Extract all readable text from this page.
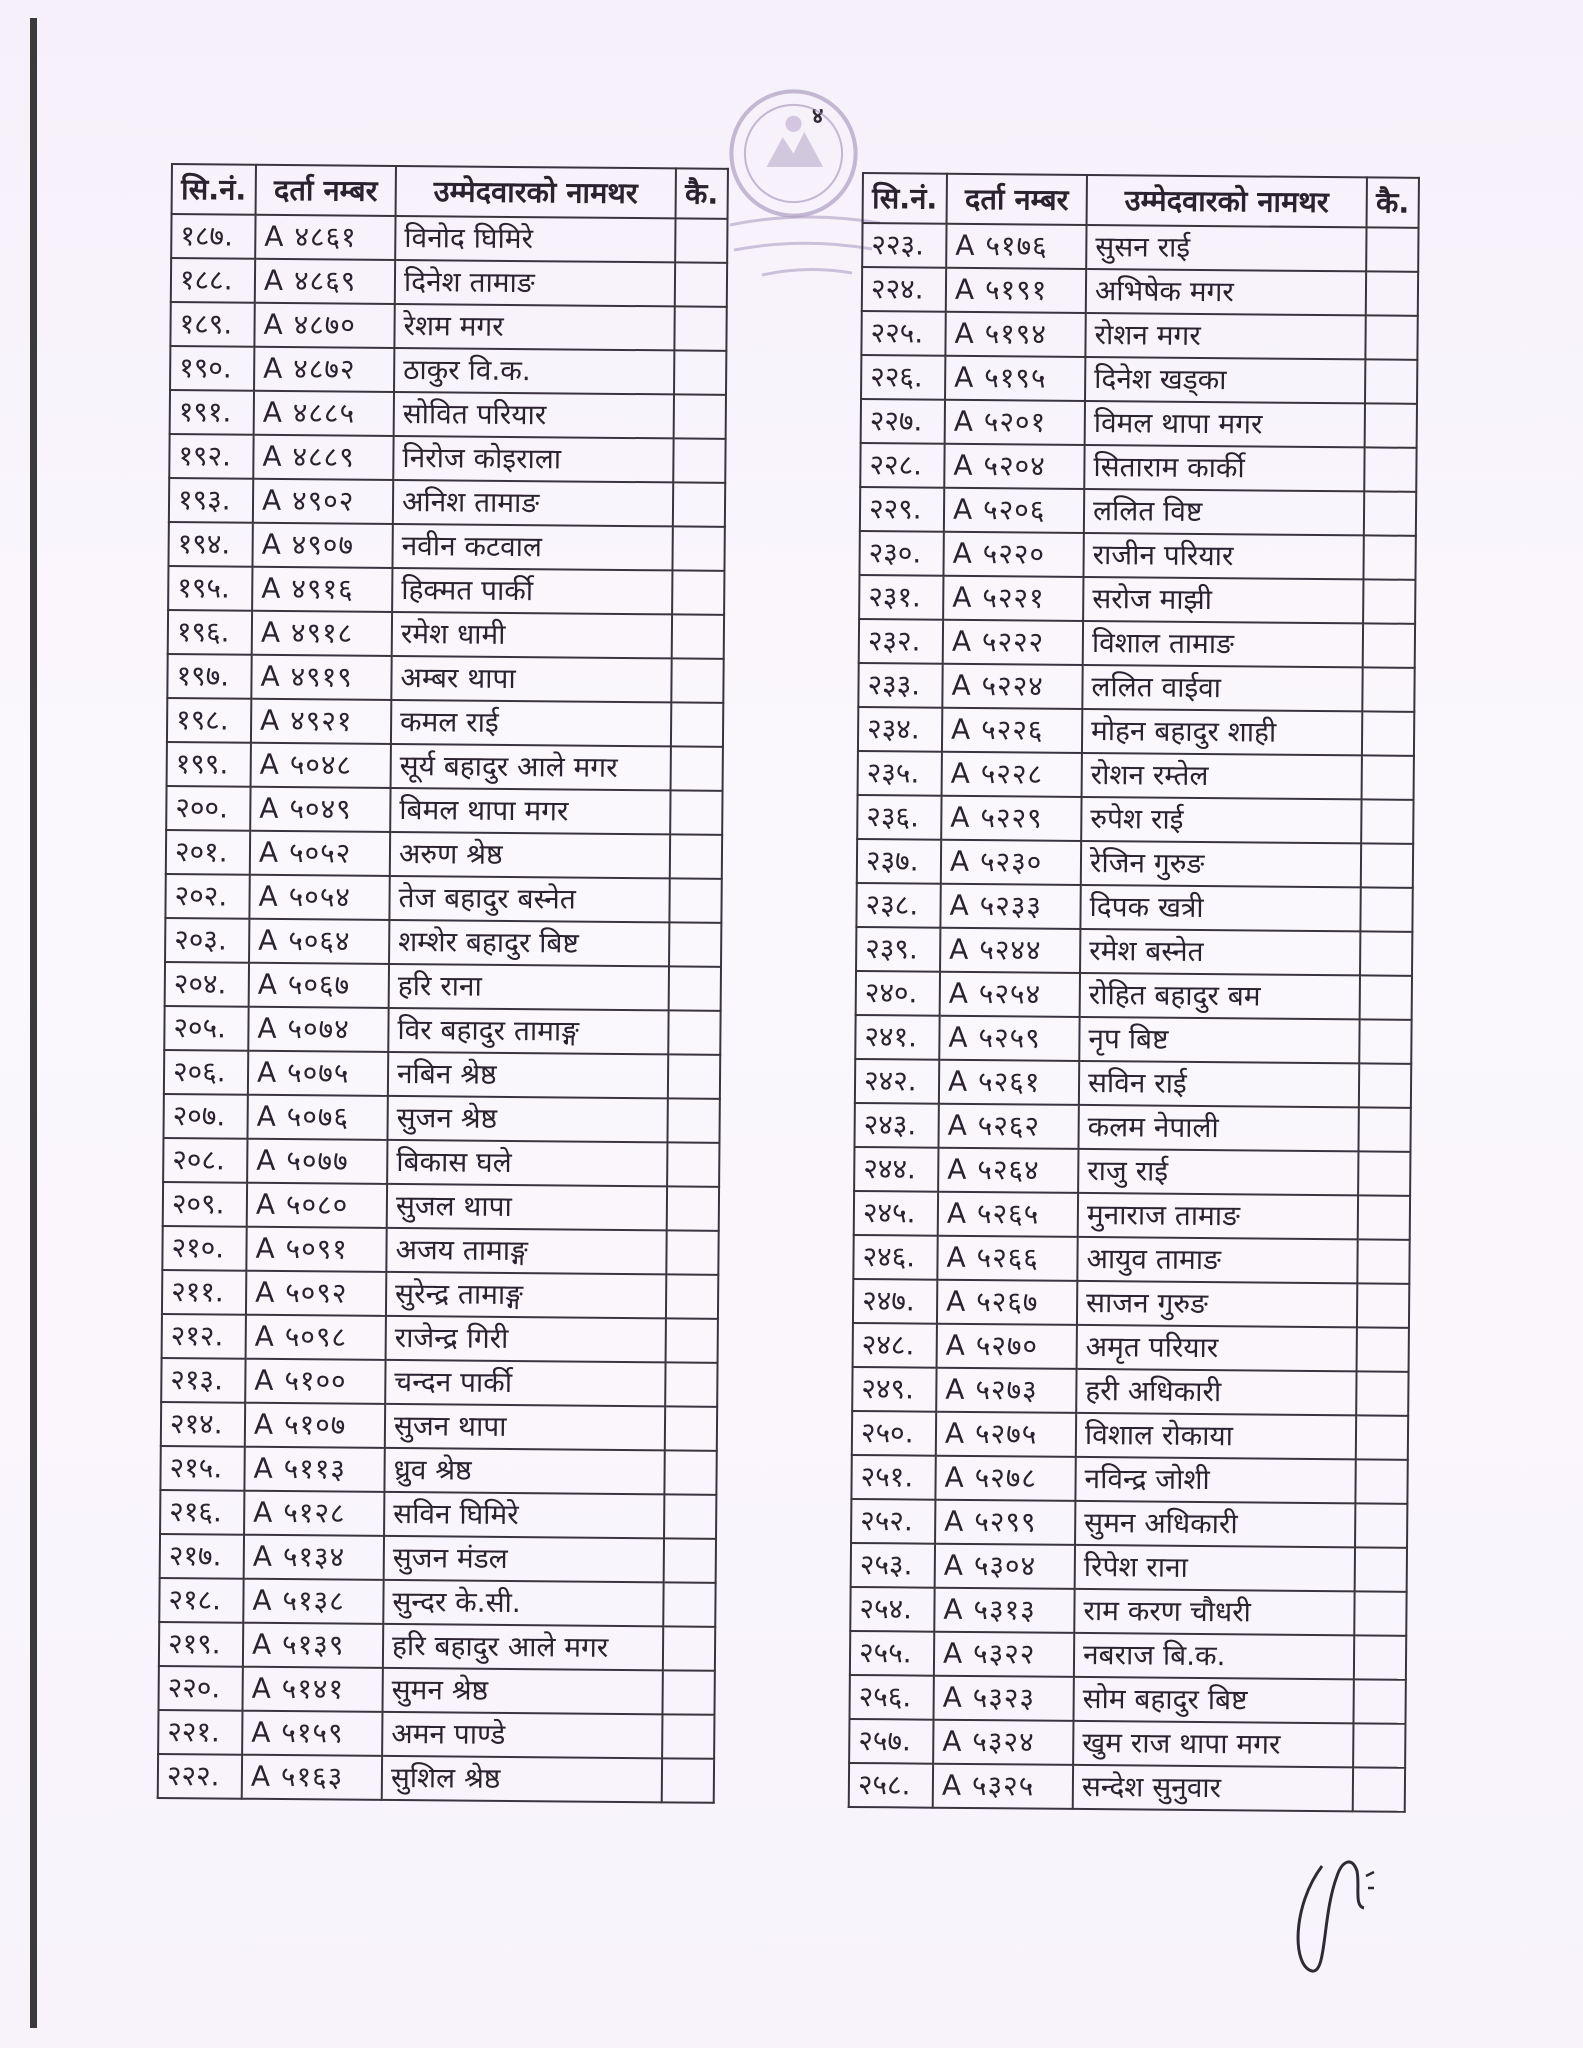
४
सि.नं.	दर्ता नम्बर	उम्मेदवारको नामथर	कै.
१८७.	A ४८६१	विनोद घिमिरे	
१८८.	A ४८६९	दिनेश तामाङ	
१८९.	A ४८७०	रेशम मगर	
१९०.	A ४८७२	ठाकुर वि.क.	
१९१.	A ४८८५	सोवित परियार	
१९२.	A ४८८९	निरोज कोइराला	
१९३.	A ४९०२	अनिश तामाङ	
१९४.	A ४९०७	नवीन कटवाल	
१९५.	A ४९१६	हिक्मत पार्की	
१९६.	A ४९१८	रमेश धामी	
१९७.	A ४९१९	अम्बर थापा	
१९८.	A ४९२१	कमल राई	
१९९.	A ५०४८	सूर्य बहादुर आले मगर	
२००.	A ५०४९	बिमल थापा मगर	
२०१.	A ५०५२	अरुण श्रेष्ठ	
२०२.	A ५०५४	तेज बहादुर बस्नेत	
२०३.	A ५०६४	शम्शेर बहादुर बिष्ट	
२०४.	A ५०६७	हरि राना	
२०५.	A ५०७४	विर बहादुर तामाङ्ग	
२०६.	A ५०७५	नबिन श्रेष्ठ	
२०७.	A ५०७६	सुजन श्रेष्ठ	
२०८.	A ५०७७	बिकास घले	
२०९.	A ५०८०	सुजल थापा	
२१०.	A ५०९१	अजय तामाङ्ग	
२११.	A ५०९२	सुरेन्द्र तामाङ्ग	
२१२.	A ५०९८	राजेन्द्र गिरी	
२१३.	A ५१००	चन्दन पार्की	
२१४.	A ५१०७	सुजन थापा	
२१५.	A ५११३	ध्रुव श्रेष्ठ	
२१६.	A ५१२८	सविन घिमिरे	
२१७.	A ५१३४	सुजन मंडल	
२१८.	A ५१३८	सुन्दर के.सी.	
२१९.	A ५१३९	हरि बहादुर आले मगर	
२२०.	A ५१४१	सुमन श्रेष्ठ	
२२१.	A ५१५९	अमन पाण्डे	
२२२.	A ५१६३	सुशिल श्रेष्ठ	
सि.नं.	दर्ता नम्बर	उम्मेदवारको नामथर	कै.
२२३.	A ५१७६	सुसन राई	
२२४.	A ५१९१	अभिषेक मगर	
२२५.	A ५१९४	रोशन मगर	
२२६.	A ५१९५	दिनेश खड्का	
२२७.	A ५२०१	विमल थापा मगर	
२२८.	A ५२०४	सिताराम कार्की	
२२९.	A ५२०६	ललित विष्ट	
२३०.	A ५२२०	राजीन परियार	
२३१.	A ५२२१	सरोज माझी	
२३२.	A ५२२२	विशाल तामाङ	
२३३.	A ५२२४	ललित वाईवा	
२३४.	A ५२२६	मोहन बहादुर शाही	
२३५.	A ५२२८	रोशन रम्तेल	
२३६.	A ५२२९	रुपेश राई	
२३७.	A ५२३०	रेजिन गुरुङ	
२३८.	A ५२३३	दिपक खत्री	
२३९.	A ५२४४	रमेश बस्नेत	
२४०.	A ५२५४	रोहित बहादुर बम	
२४१.	A ५२५९	नृप बिष्ट	
२४२.	A ५२६१	सविन राई	
२४३.	A ५२६२	कलम नेपाली	
२४४.	A ५२६४	राजु राई	
२४५.	A ५२६५	मुनाराज तामाङ	
२४६.	A ५२६६	आयुव तामाङ	
२४७.	A ५२६७	साजन गुरुङ	
२४८.	A ५२७०	अमृत परियार	
२४९.	A ५२७३	हरी अधिकारी	
२५०.	A ५२७५	विशाल रोकाया	
२५१.	A ५२७८	नविन्द्र जोशी	
२५२.	A ५२९९	सुमन अधिकारी	
२५३.	A ५३०४	रिपेश राना	
२५४.	A ५३१३	राम करण चौधरी	
२५५.	A ५३२२	नबराज बि.क.	
२५६.	A ५३२३	सोम बहादुर बिष्ट	
२५७.	A ५३२४	खुम राज थापा मगर	
२५८.	A ५३२५	सन्देश सुनुवार	
